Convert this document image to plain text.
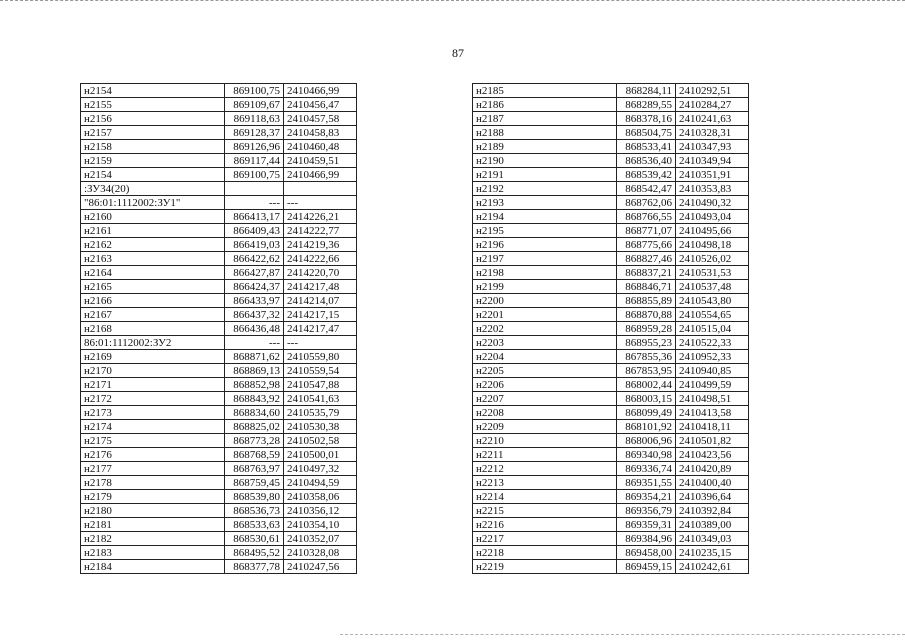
87
н2154	869100,75	2410466,99
н2155	869109,67	2410456,47
н2156	869118,63	2410457,58
н2157	869128,37	2410458,83
н2158	869126,96	2410460,48
н2159	869117,44	2410459,51
н2154	869100,75	2410466,99
:ЗУ34(20)		
"86:01:1112002:ЗУ1"	---	---
н2160	866413,17	2414226,21
н2161	866409,43	2414222,77
н2162	866419,03	2414219,36
н2163	866422,62	2414222,66
н2164	866427,87	2414220,70
н2165	866424,37	2414217,48
н2166	866433,97	2414214,07
н2167	866437,32	2414217,15
н2168	866436,48	2414217,47
86:01:1112002:ЗУ2	---	---
н2169	868871,62	2410559,80
н2170	868869,13	2410559,54
н2171	868852,98	2410547,88
н2172	868843,92	2410541,63
н2173	868834,60	2410535,79
н2174	868825,02	2410530,38
н2175	868773,28	2410502,58
н2176	868768,59	2410500,01
н2177	868763,97	2410497,32
н2178	868759,45	2410494,59
н2179	868539,80	2410358,06
н2180	868536,73	2410356,12
н2181	868533,63	2410354,10
н2182	868530,61	2410352,07
н2183	868495,52	2410328,08
н2184	868377,78	2410247,56
н2185	868284,11	2410292,51
н2186	868289,55	2410284,27
н2187	868378,16	2410241,63
н2188	868504,75	2410328,31
н2189	868533,41	2410347,93
н2190	868536,40	2410349,94
н2191	868539,42	2410351,91
н2192	868542,47	2410353,83
н2193	868762,06	2410490,32
н2194	868766,55	2410493,04
н2195	868771,07	2410495,66
н2196	868775,66	2410498,18
н2197	868827,46	2410526,02
н2198	868837,21	2410531,53
н2199	868846,71	2410537,48
н2200	868855,89	2410543,80
н2201	868870,88	2410554,65
н2202	868959,28	2410515,04
н2203	868955,23	2410522,33
н2204	867855,36	2410952,33
н2205	867853,95	2410940,85
н2206	868002,44	2410499,59
н2207	868003,15	2410498,51
н2208	868099,49	2410413,58
н2209	868101,92	2410418,11
н2210	868006,96	2410501,82
н2211	869340,98	2410423,56
н2212	869336,74	2410420,89
н2213	869351,55	2410400,40
н2214	869354,21	2410396,64
н2215	869356,79	2410392,84
н2216	869359,31	2410389,00
н2217	869384,96	2410349,03
н2218	869458,00	2410235,15
н2219	869459,15	2410242,61
